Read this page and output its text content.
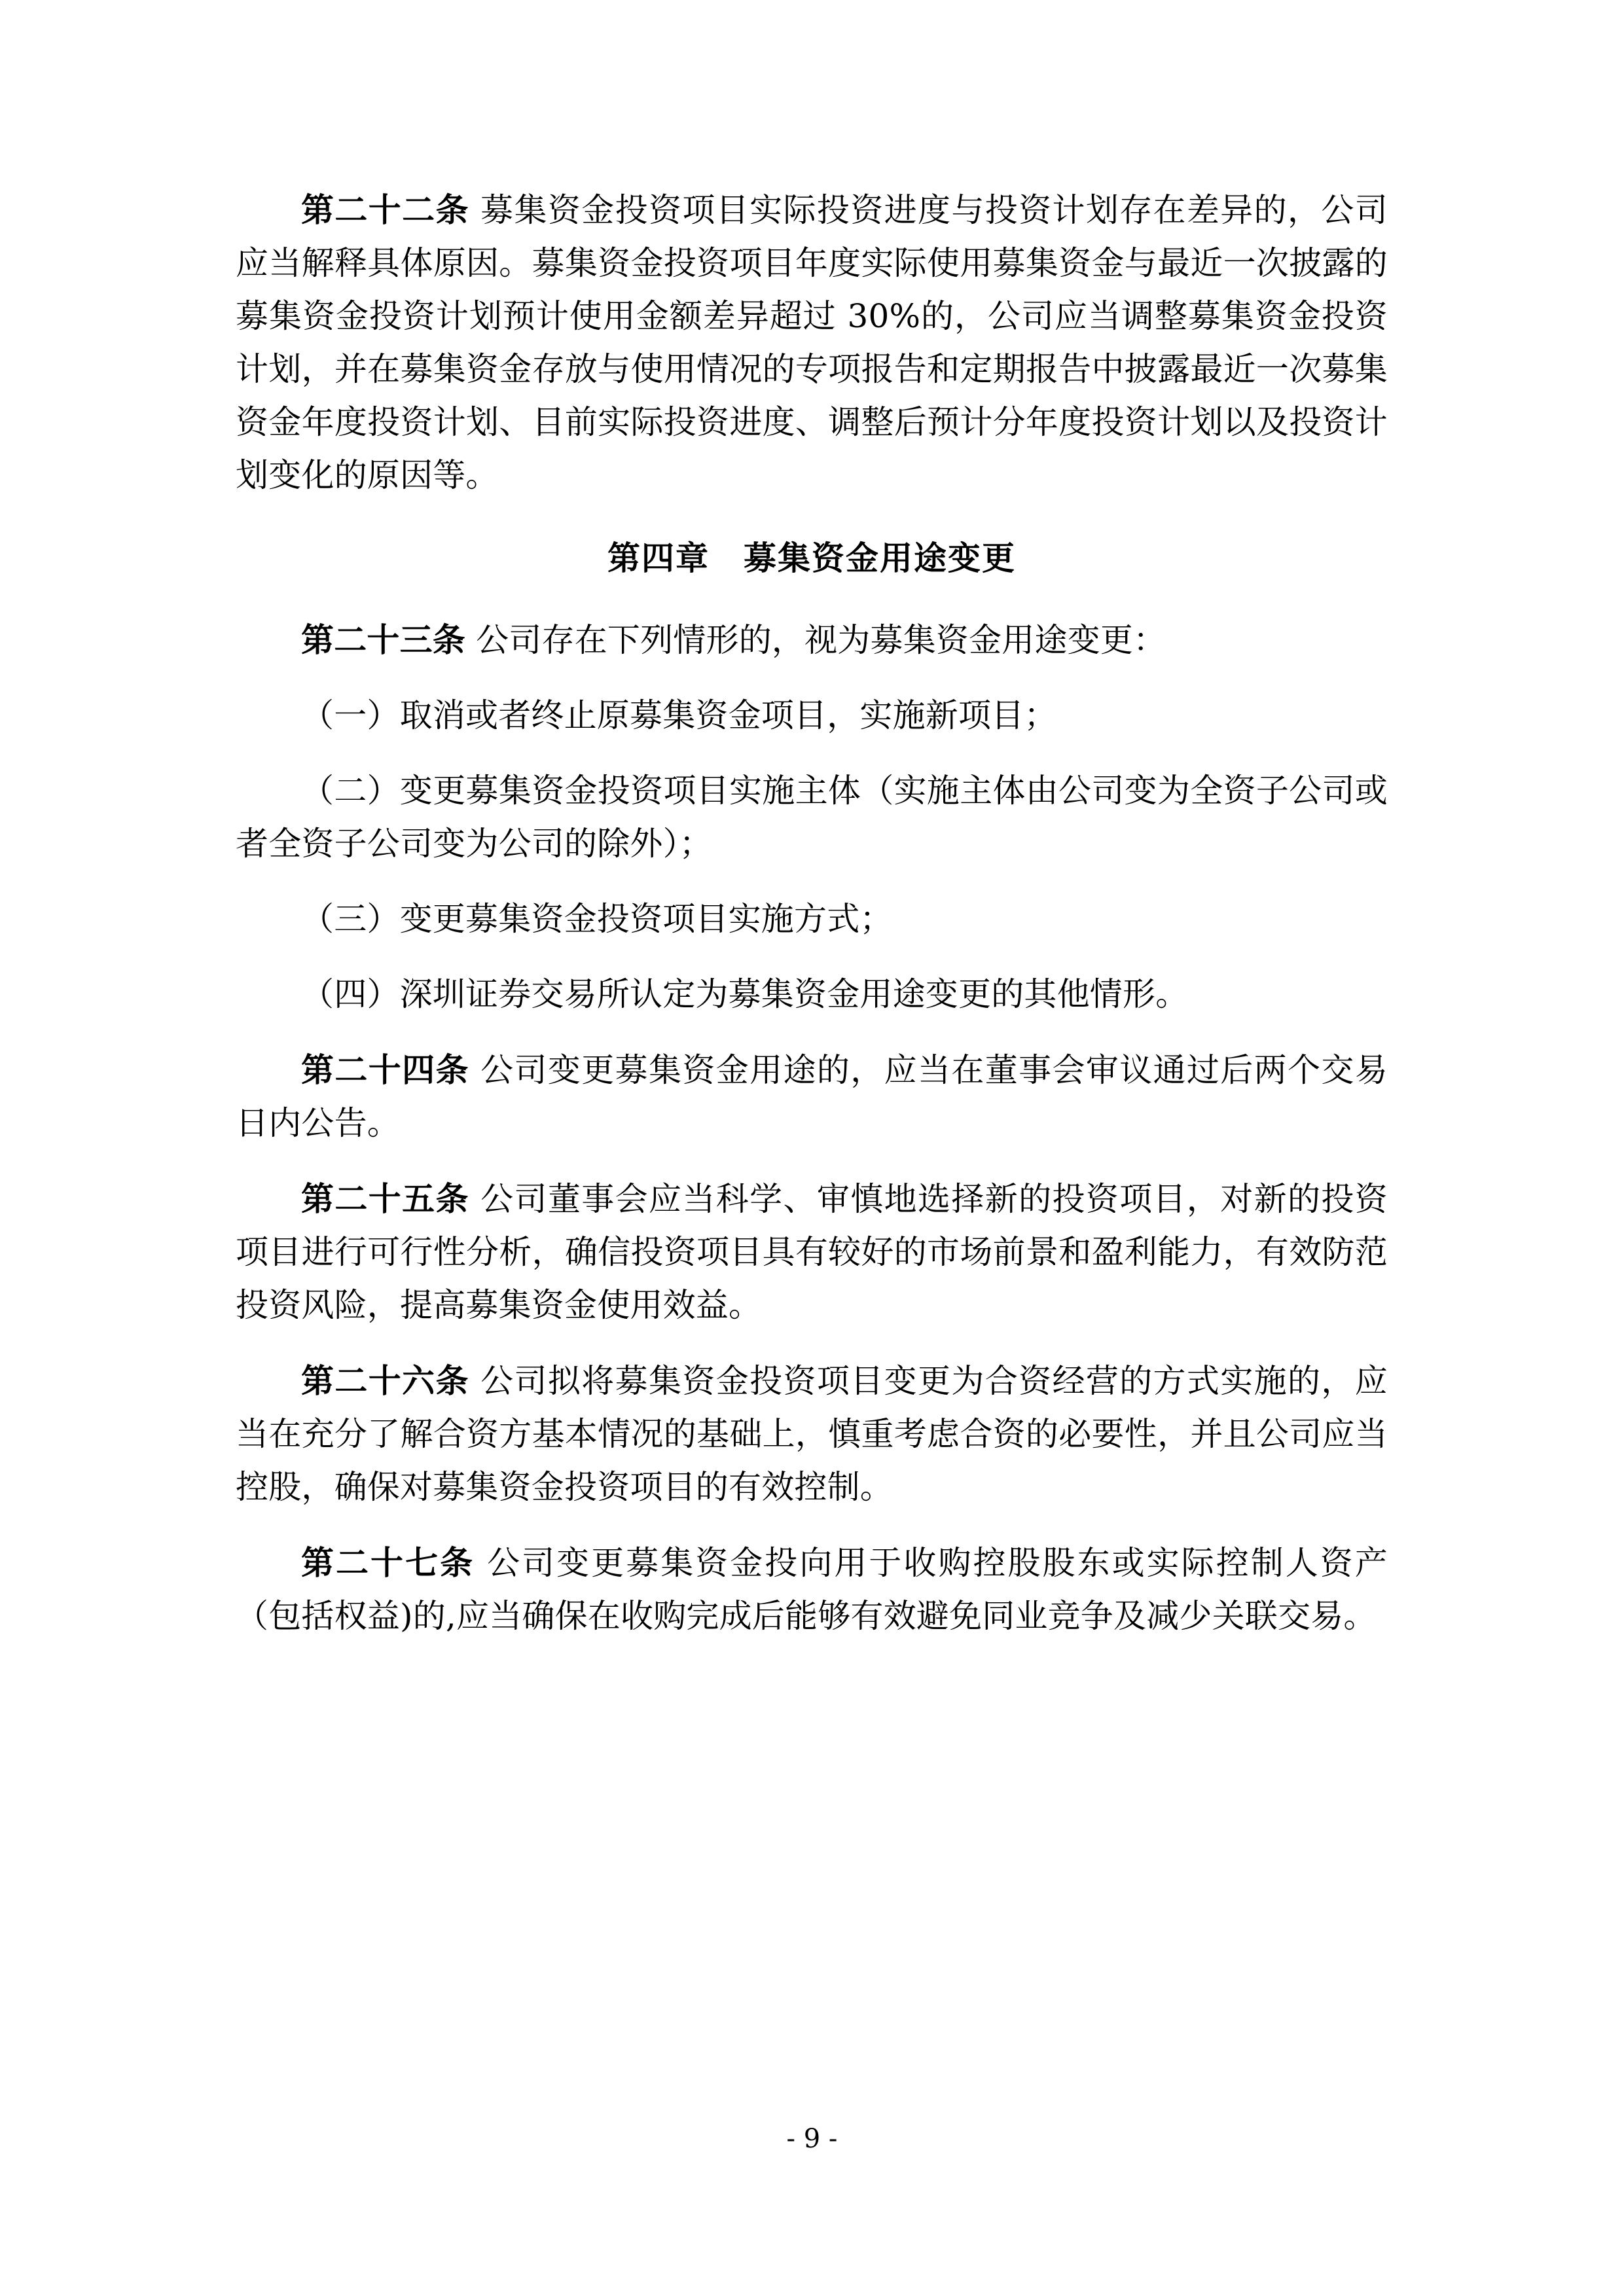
第二十二条 募集资金投资项目实际投资进度与投资计划存在差异的，公司应当解释具体原因。募集资金投资项目年度实际使用募集资金与最近一次披露的募集资金投资计划预计使用金额差异超过 30%的，公司应当调整募集资金投资计划，并在募集资金存放与使用情况的专项报告和定期报告中披露最近一次募集资金年度投资计划、目前实际投资进度、调整后预计分年度投资计划以及投资计划变化的原因等。

第四章　募集资金用途变更

第二十三条 公司存在下列情形的，视为募集资金用途变更：

（一）取消或者终止原募集资金项目，实施新项目；

（二）变更募集资金投资项目实施主体（实施主体由公司变为全资子公司或者全资子公司变为公司的除外）；

（三）变更募集资金投资项目实施方式；

（四）深圳证券交易所认定为募集资金用途变更的其他情形。

第二十四条 公司变更募集资金用途的，应当在董事会审议通过后两个交易日内公告。

第二十五条 公司董事会应当科学、审慎地选择新的投资项目，对新的投资项目进行可行性分析，确信投资项目具有较好的市场前景和盈利能力，有效防范投资风险，提高募集资金使用效益。

第二十六条 公司拟将募集资金投资项目变更为合资经营的方式实施的，应当在充分了解合资方基本情况的基础上，慎重考虑合资的必要性，并且公司应当控股，确保对募集资金投资项目的有效控制。

第二十七条 公司变更募集资金投向用于收购控股股东或实际控制人资产（包括权益)的,应当确保在收购完成后能够有效避免同业竞争及减少关联交易。

- 9 -
